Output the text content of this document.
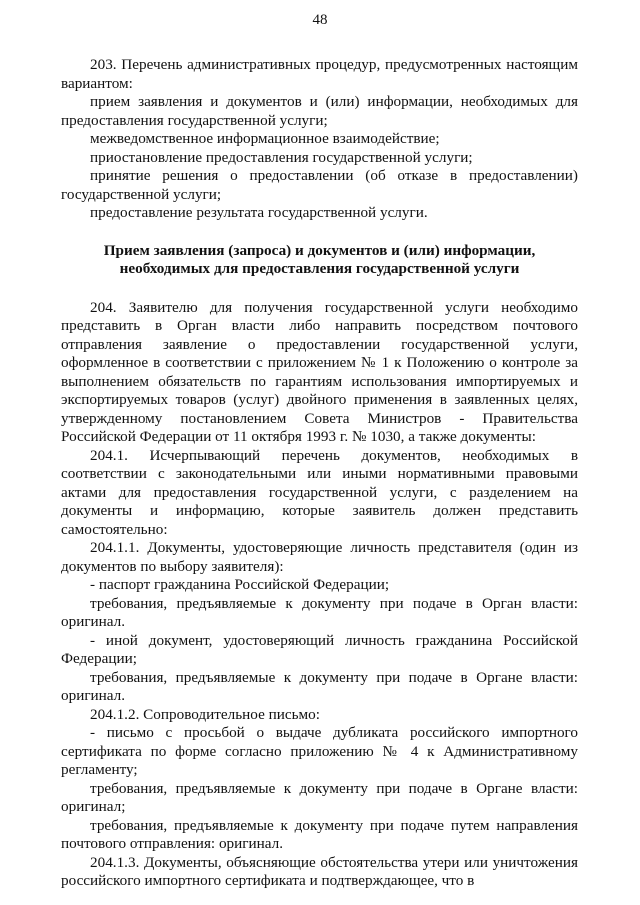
48

203. Перечень административных процедур, предусмотренных настоящим вариантом:

прием заявления и документов и (или) информации, необходимых для предоставления государственной услуги;

межведомственное информационное взаимодействие;

приостановление предоставления государственной услуги;

принятие решения о предоставлении (об отказе в предоставлении) государственной услуги;

предоставление результата государственной услуги.

Прием заявления (запроса) и документов и (или) информации,
необходимых для предоставления государственной услуги

204. Заявителю для получения государственной услуги необходимо представить в Орган власти либо направить посредством почтового отправления заявление о предоставлении государственной услуги, оформленное в соответствии с приложением № 1 к Положению о контроле за выполнением обязательств по гарантиям использования импортируемых и экспортируемых товаров (услуг) двойного применения в заявленных целях, утвержденному постановлением Совета Министров - Правительства Российской Федерации от 11 октября 1993 г. № 1030, а также документы:

204.1. Исчерпывающий перечень документов, необходимых в соответствии с законодательными или иными нормативными правовыми актами для предоставления государственной услуги, с разделением на документы и информацию, которые заявитель должен представить самостоятельно:

204.1.1. Документы, удостоверяющие личность представителя (один из документов по выбору заявителя):

- паспорт гражданина Российской Федерации;

требования, предъявляемые к документу при подаче в Орган власти: оригинал.

- иной документ, удостоверяющий личность гражданина Российской Федерации;

требования, предъявляемые к документу при подаче в Органе власти: оригинал.

204.1.2. Сопроводительное письмо:

- письмо с просьбой о выдаче дубликата российского импортного сертификата по форме согласно приложению № 4 к Административному регламенту;

требования, предъявляемые к документу при подаче в Органе власти: оригинал;

требования, предъявляемые к документу при подаче путем направления почтового отправления: оригинал.

204.1.3. Документы, объясняющие обстоятельства утери или уничтожения российского импортного сертификата и подтверждающее, что в
